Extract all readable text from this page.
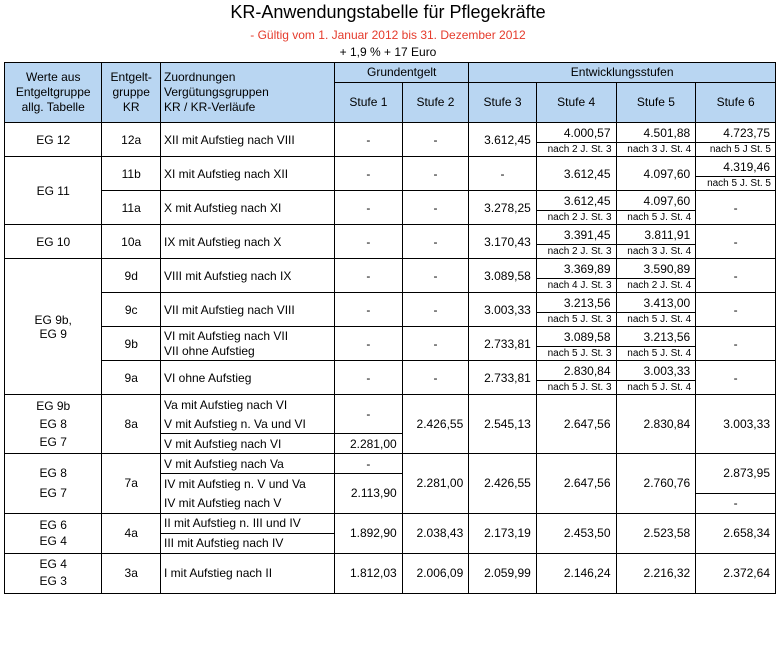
KR-Anwendungstabelle für Pflegekräfte
- Gültig vom 1. Januar 2012 bis 31. Dezember 2012
+ 1,9 % + 17 Euro
Werte aus
Entgeltgruppe
allg. Tabelle	Entgelt-
gruppe
KR	Zuordnungen
Vergütungsgruppen
KR / KR-Verläufe	Grundentgelt		Entwicklungsstufen			
			Stufe 1	Stufe 2	Stufe 3	Stufe 4	Stufe 5	Stufe 6
EG 12	12a	XII mit Aufstieg nach VIII	-	-	3.612,45	4.000,57	4.501,88	4.723,75
						nach 2 J. St. 3	nach 3 J. St. 4	nach 5 J St. 5
EG 11	11b	XI mit Aufstieg nach XII	-	-	-	3.612,45	4.097,60	4.319,46
								nach 5 J. St. 5
	11a	X mit Aufstieg nach XI	-	-	3.278,25	3.612,45	4.097,60	-
						nach 2 J. St. 3	nach 5 J. St. 4	
EG 10	10a	IX mit Aufstieg nach X	-	-	3.170,43	3.391,45	3.811,91	-
						nach 2 J. St. 3	nach 3 J. St. 4	
EG 9b,
EG 9	9d	VIII mit Aufstieg nach IX	-	-	3.089,58	3.369,89	3.590,89	-
						nach 4 J. St. 3	nach 2 J. St. 4	
	9c	VII mit Aufstieg nach VIII	-	-	3.003,33	3.213,56	3.413,00	-
						nach 5 J. St. 3	nach 5 J. St. 4	
	9b	VI mit Aufstieg nach VII
VII ohne Aufstieg	-	-	2.733,81	3.089,58	3.213,56	-
						nach 5 J. St. 3	nach 5 J. St. 4	
	9a	VI ohne Aufstieg	-	-	2.733,81	2.830,84	3.003,33	-
						nach 5 J. St. 3	nach 5 J. St. 4	
EG 9b
EG 8
EG 7	8a	Va mit Aufstieg nach VI	-	2.426,55	2.545,13	2.647,56	2.830,84	3.003,33
		V mit Aufstieg n. Va und VI						
		V mit Aufstieg nach VI	2.281,00					
EG 8
EG 7	7a	V mit Aufstieg nach Va	-	2.281,00	2.426,55	2.647,56	2.760,76	2.873,95
		IV mit Aufstieg n. V und Va	2.113,90					
		IV mit Aufstieg nach V						-
EG 6
EG 4	4a	II mit Aufstieg n. III und IV	1.892,90	2.038,43	2.173,19	2.453,50	2.523,58	2.658,34
		III mit Aufstieg nach IV						
EG 4
EG 3	3a	I mit Aufstieg nach II	1.812,03	2.006,09	2.059,99	2.146,24	2.216,32	2.372,64
